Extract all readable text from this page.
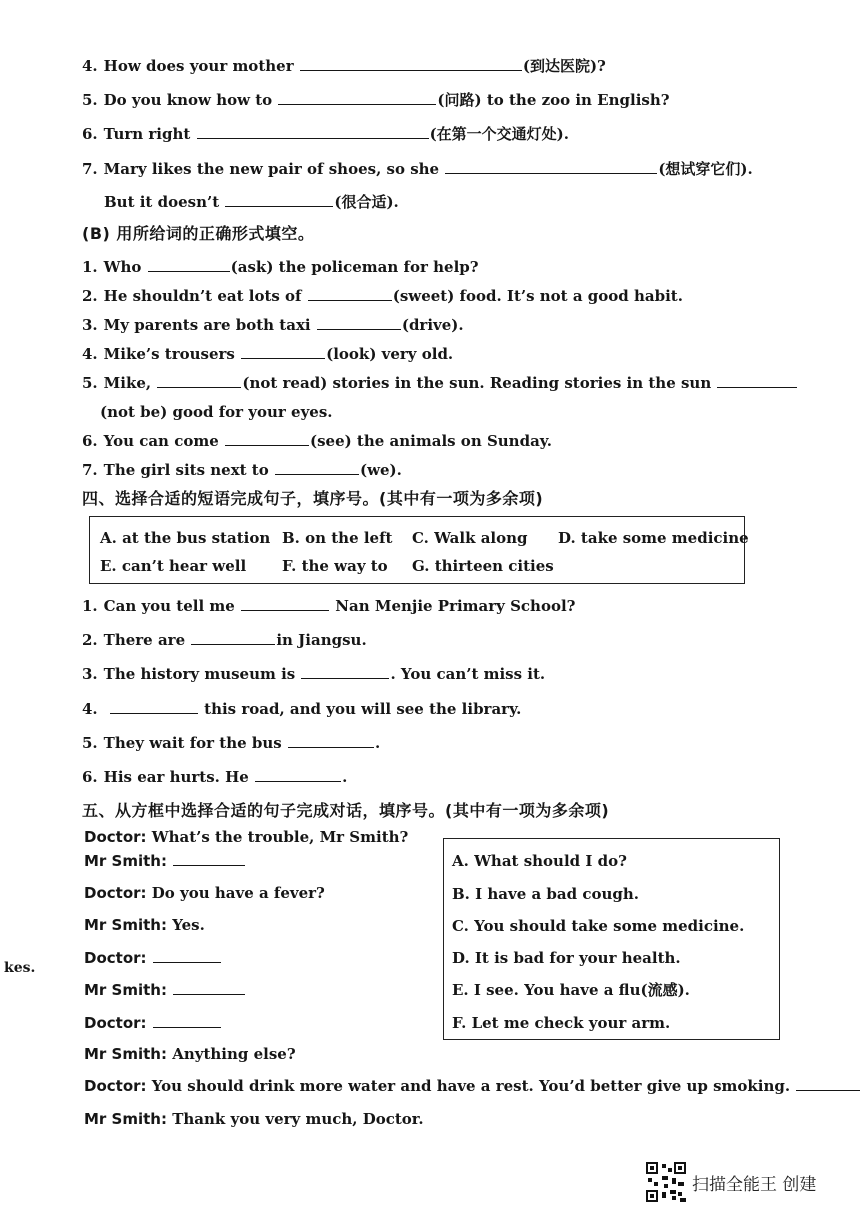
4. How does your mother	(到达医院)?
5. Do you know how to	(问路) to the zoo in English?
6. Turn right	(在第一个交通灯处).
7. Mary likes the new pair of shoes, so she	(想试穿它们).
But it doesn’t	(很合适).
(B) 用所给词的正确形式填空。
1. Who	(ask) the policeman for help?
2. He shouldn’t eat lots of	(sweet) food. It’s not a good habit.
3. My parents are both taxi	(drive).
4. Mike’s trousers	(look) very old.
5. Mike,	(not read) stories in the sun. Reading stories in the sun
(not be) good for your eyes.
6. You can come	(see) the animals on Sunday.
7. The girl sits next to	(we).
四、选择合适的短语完成句子，填序号。(其中有一项为多余项)
A. at the bus station B. on the left C. Walk along D. take some medicine
E. can’t hear well F. the way to G. thirteen cities
1. Can you tell me	Nan Menjie Primary School?
2. There are	in Jiangsu.
3. The history museum is	. You can’t miss it.
4.	this road, and you will see the library.
5. They wait for the bus	.
6. His ear hurts. He	.
五、从方框中选择合适的句子完成对话，填序号。(其中有一项为多余项)
Doctor: What’s the trouble, Mr Smith?
Mr Smith:
Doctor: Do you have a fever?
Mr Smith: Yes.
Doctor:
Mr Smith:
Doctor:
Mr Smith: Anything else?
Doctor: You should drink more water and have a rest. You’d better give up smoking.
Mr Smith: Thank you very much, Doctor.
A. What should I do?
B. I have a bad cough.
C. You should take some medicine.
D. It is bad for your health.
E. I see. You have a flu(流感).
F. Let me check your arm.
kes.
扫描全能王 创建
